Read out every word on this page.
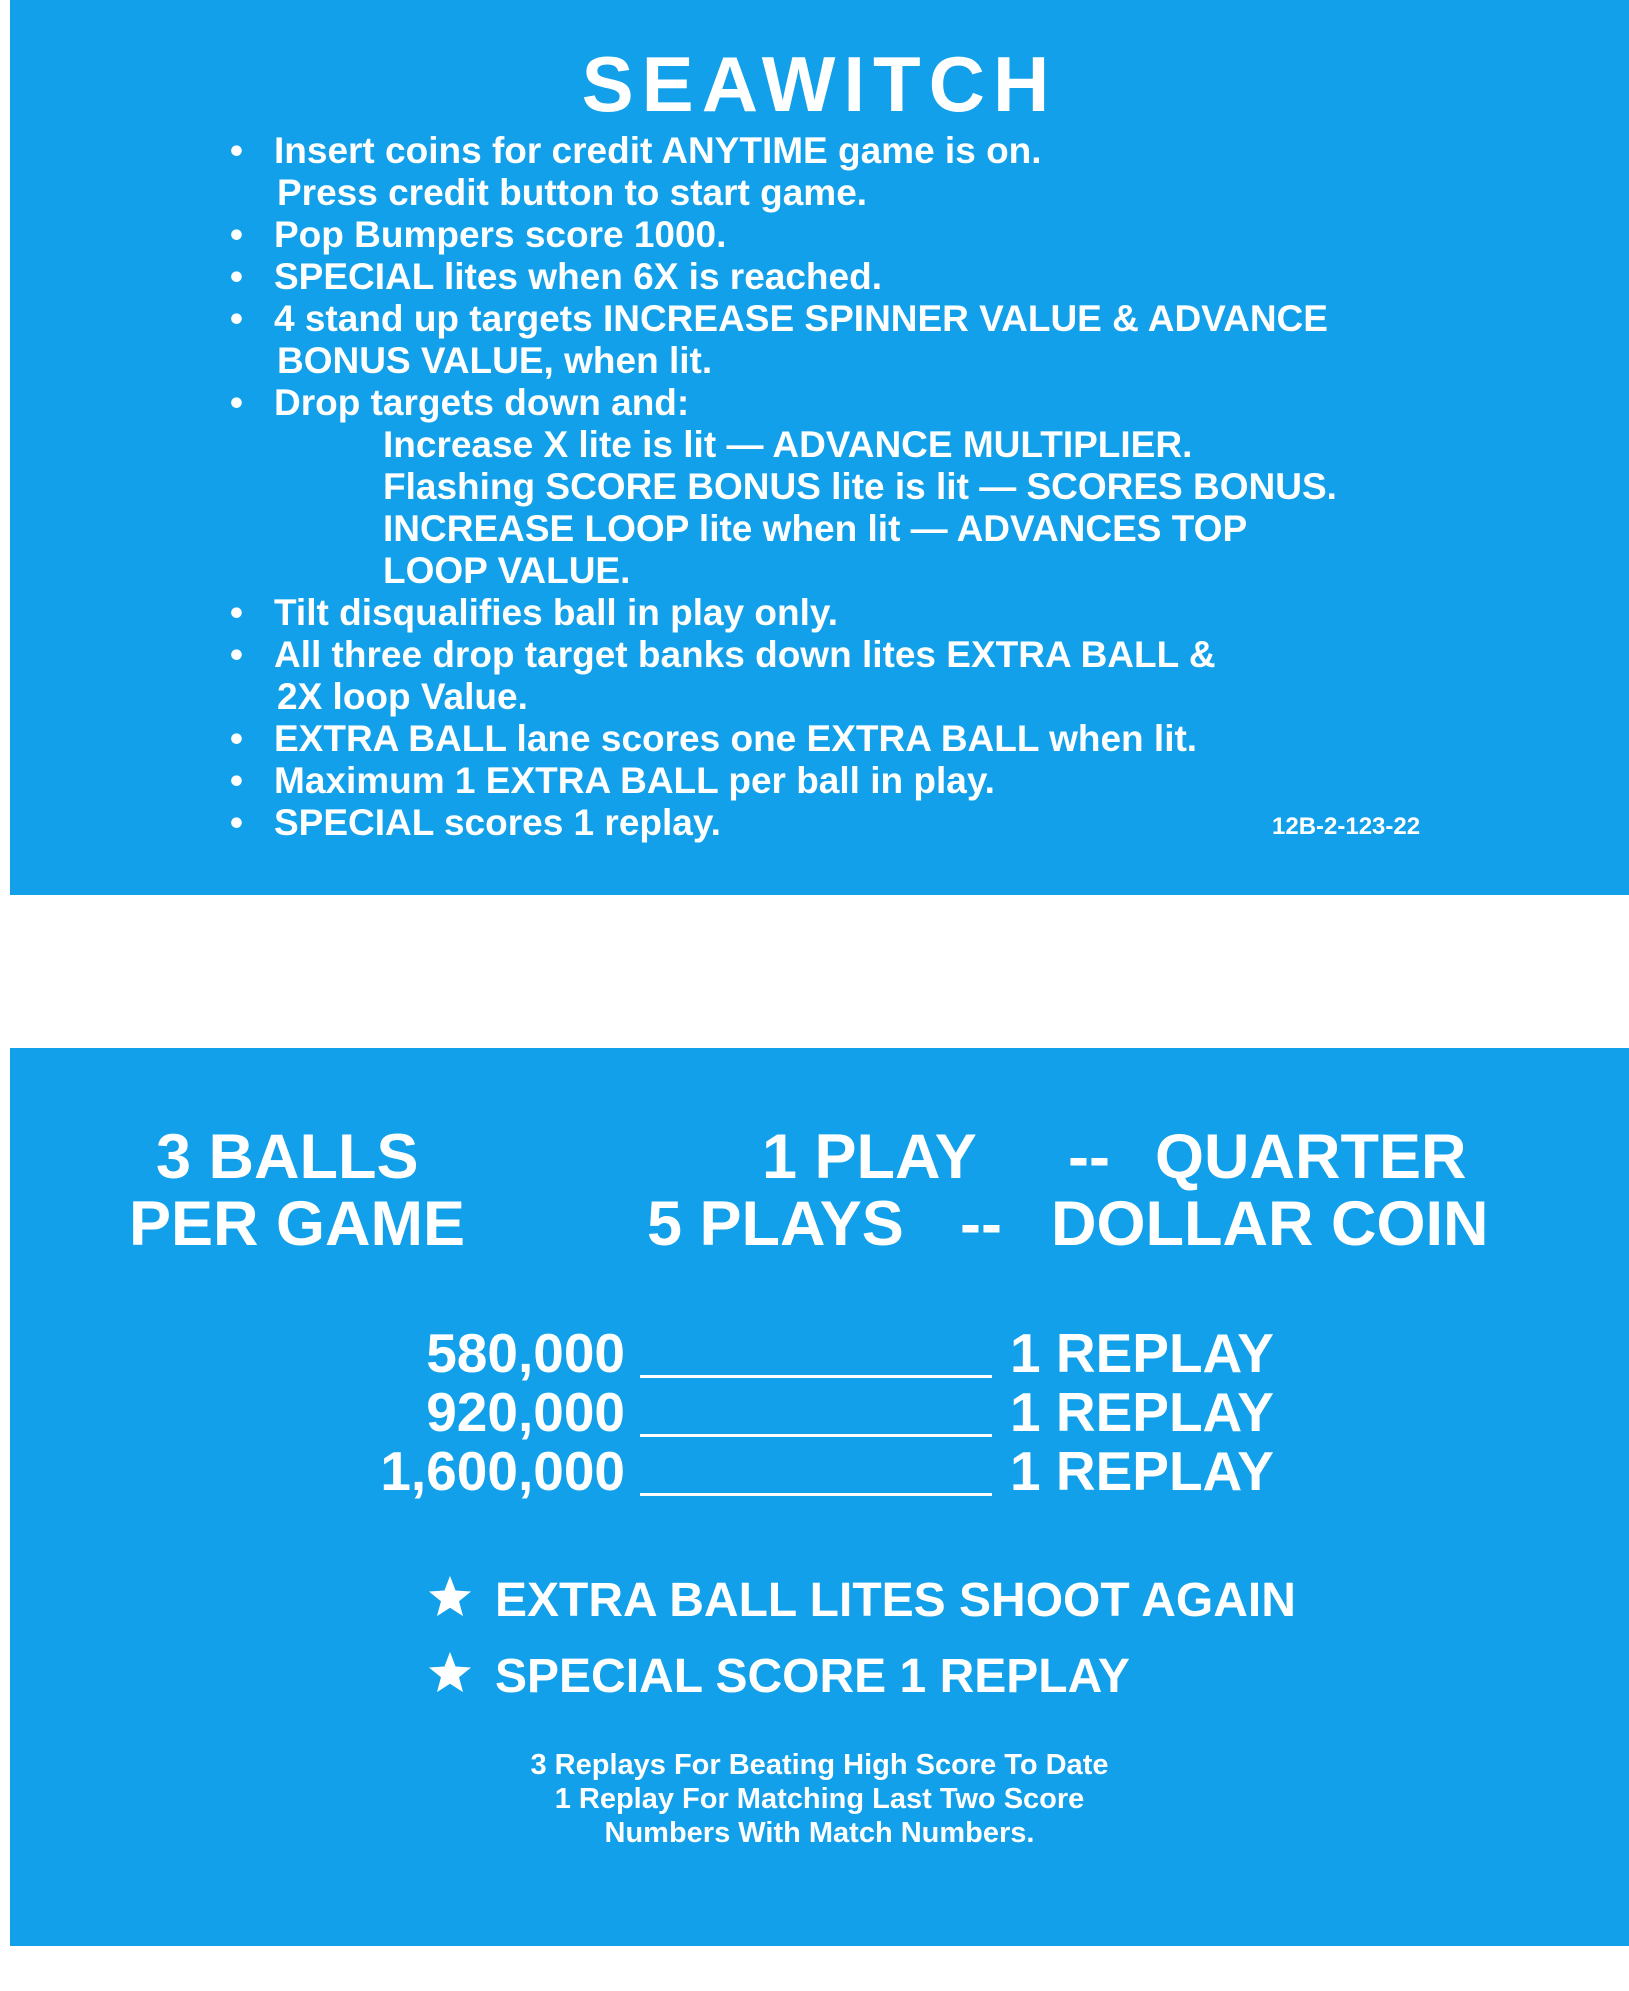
SEAWITCH
• Insert coins for credit ANYTIME game is on.
Press credit button to start game.
• Pop Bumpers score 1000.
• SPECIAL lites when 6X is reached.
• 4 stand up targets INCREASE SPINNER VALUE & ADVANCE
BONUS VALUE, when lit.
• Drop targets down and:
Increase X lite is lit — ADVANCE MULTIPLIER.
Flashing SCORE BONUS lite is lit — SCORES BONUS.
INCREASE LOOP lite when lit — ADVANCES TOP
LOOP VALUE.
• Tilt disqualifies ball in play only.
• All three drop target banks down lites EXTRA BALL &
2X loop Value.
• EXTRA BALL lane scores one EXTRA BALL when lit.
• Maximum 1 EXTRA BALL per ball in play.
• SPECIAL scores 1 replay.	12B-2-123-22
3 BALLS
PER GAME
1 PLAY -- QUARTER
5 PLAYS -- DOLLAR COIN
580,000	1 REPLAY
920,000	1 REPLAY
1,600,000	1 REPLAY
EXTRA BALL LITES SHOOT AGAIN
SPECIAL SCORE 1 REPLAY
3 Replays For Beating High Score To Date
1 Replay For Matching Last Two Score
Numbers With Match Numbers.
